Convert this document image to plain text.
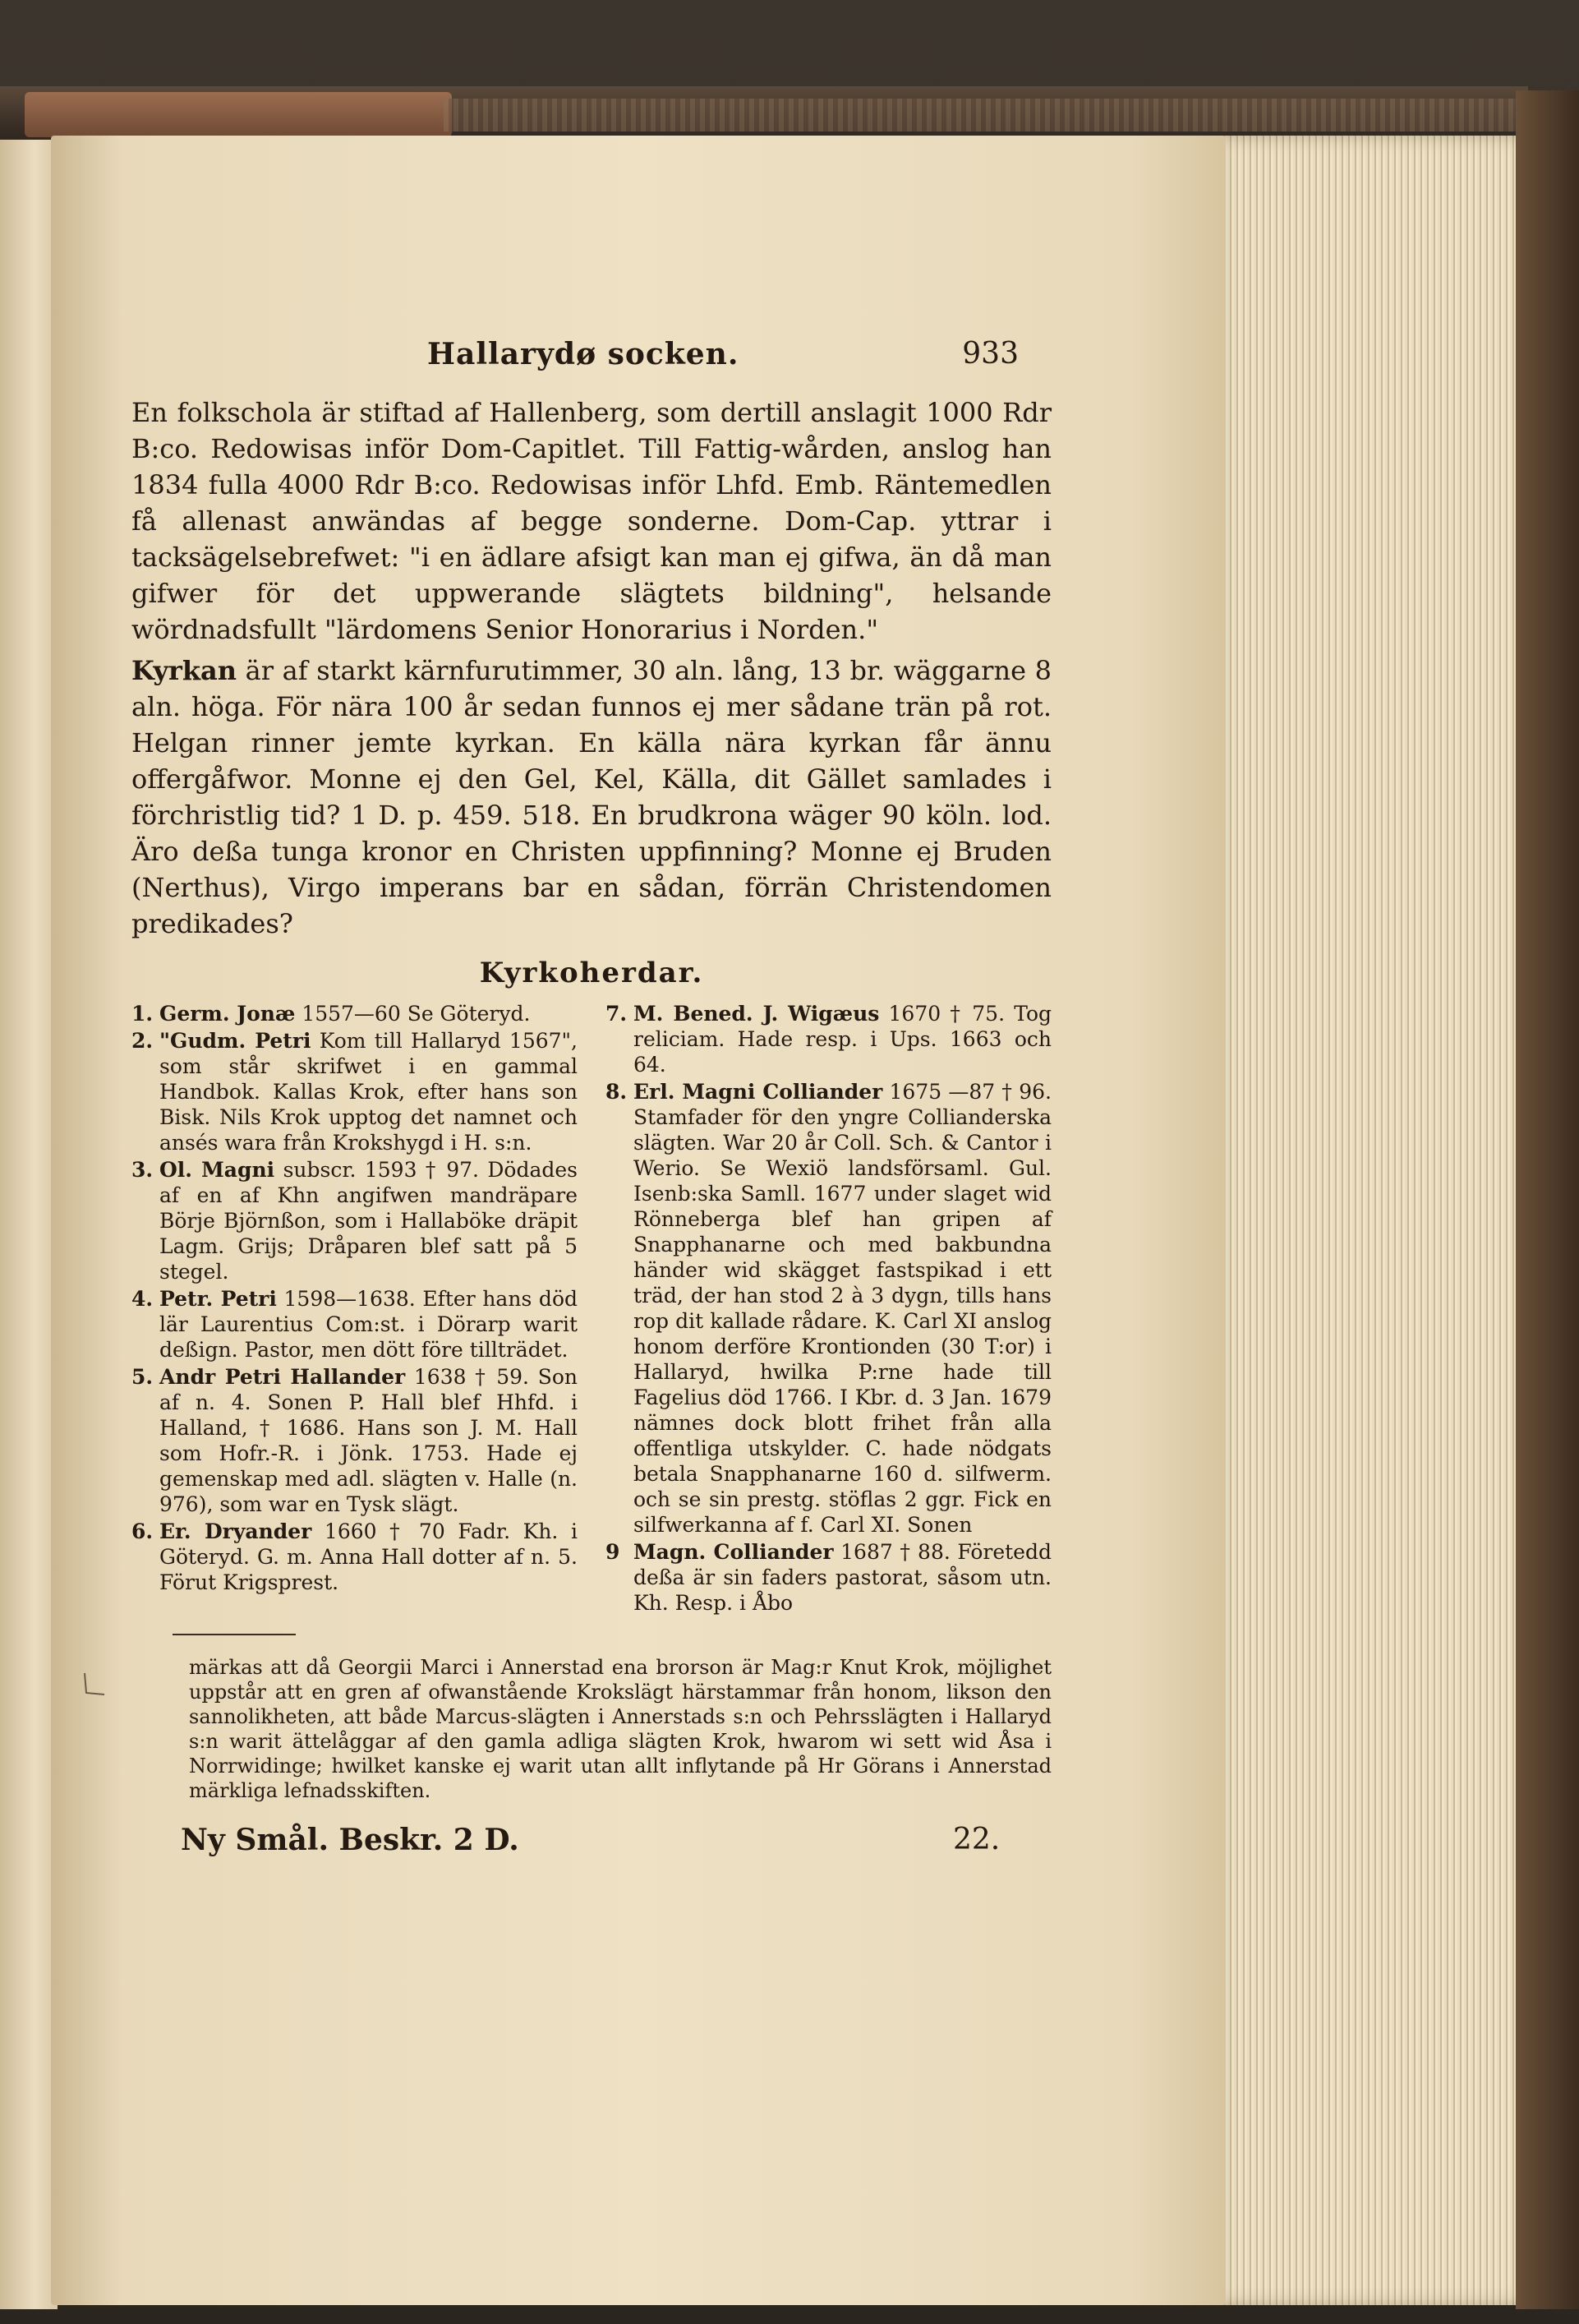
Hallarydø socken.	933

En folkschola är stiftad af Hallenberg, som dertill anslagit 1000 Rdr B:co. Redowisas inför Dom-Capitlet. Till Fattig-wården, anslog han 1834 fulla 4000 Rdr B:co. Redowisas inför Lhfd. Emb. Räntemedlen få allenast anwändas af begge sonderne. Dom-Cap. yttrar i tacksägelsebrefwet: "i en ädlare afsigt kan man ej gifwa, än då man gifwer för det uppwerande slägtets bildning", helsande wördnadsfullt "lärdomens Senior Honorarius i Norden."

Kyrkan är af starkt kärnfurutimmer, 30 aln. lång, 13 br. wäggarne 8 aln. höga. För nära 100 år sedan funnos ej mer sådane trän på rot. Helgan rinner jemte kyrkan. En källa nära kyrkan får ännu offergåfwor. Monne ej den Gel, Kel, Källa, dit Gället samlades i förchristlig tid? 1 D. p. 459. 518. En brudkrona wäger 90 köln. lod. Äro deßa tunga kronor en Christen uppfinning? Monne ej Bruden (Nerthus), Virgo imperans bar en sådan, förrän Christendomen predikades?

Kyrkoherdar.
1. Germ. Jonæ 1557—60 Se Göteryd.
2. "Gudm. Petri Kom till Hallaryd 1567", som står skrifwet i en gammal Handbok. Kallas Krok, efter hans son Bisk. Nils Krok upptog det namnet och ansés wara från Krokshygd i H. s:n.
3. Ol. Magni subscr. 1593 † 97. Dödades af en af Khn angifwen mandräpare Börje Björnßon, som i Hallaböke dräpit Lagm. Grijs; Dråparen blef satt på 5 stegel.
4. Petr. Petri 1598—1638. Efter hans död lär Laurentius Com:st. i Dörarp warit deßign. Pastor, men dött före tillträdet.
5. Andr Petri Hallander 1638 † 59. Son af n. 4. Sonen P. Hall blef Hhfd. i Halland, † 1686. Hans son J. M. Hall som Hofr.-R. i Jönk. 1753. Hade ej gemenskap med adl. slägten v. Halle (n. 976), som war en Tysk slägt.
6. Er. Dryander 1660 † 70 Fadr. Kh. i Göteryd. G. m. Anna Hall dotter af n. 5. Förut Krigsprest.
7. M. Bened. J. Wigæus 1670 † 75. Tog reliciam. Hade resp. i Ups. 1663 och 64.
8. Erl. Magni Colliander 1675 —87 † 96. Stamfader för den yngre Collianderska slägten. War 20 år Coll. Sch. & Cantor i Werio. Se Wexiö landsförsaml. Gul. Isenb:ska Samll. 1677 under slaget wid Rönneberga blef han gripen af Snapphanarne och med bakbundna händer wid skägget fastspikad i ett träd, der han stod 2 à 3 dygn, tills hans rop dit kallade rådare. K. Carl XI anslog honom derföre Krontionden (30 T:or) i Hallaryd, hwilka P:rne hade till Fagelius död 1766. I Kbr. d. 3 Jan. 1679 nämnes dock blott frihet från alla offentliga utskylder. C. hade nödgats betala Snapphanarne 160 d. silfwerm. och se sin prestg. stöflas 2 ggr. Fick en silfwerkanna af f. Carl XI. Sonen
9 Magn. Colliander 1687 † 88. Företedd deßa är sin faders pastorat, såsom utn. Kh. Resp. i Åbo

märkas att då Georgii Marci i Annerstad ena brorson är Mag:r Knut Krok, möjlighet uppstår att en gren af ofwanstående Krokslägt härstammar från honom, likson den sannolikheten, att både Marcus-slägten i Annerstads s:n och Pehrsslägten i Hallaryd s:n warit ättelåggar af den gamla adliga slägten Krok, hwarom wi sett wid Åsa i Norrwidinge; hwilket kanske ej warit utan allt inflytande på Hr Görans i Annerstad märkliga lefnadsskiften.

Ny Smål. Beskr. 2 D.	22.
